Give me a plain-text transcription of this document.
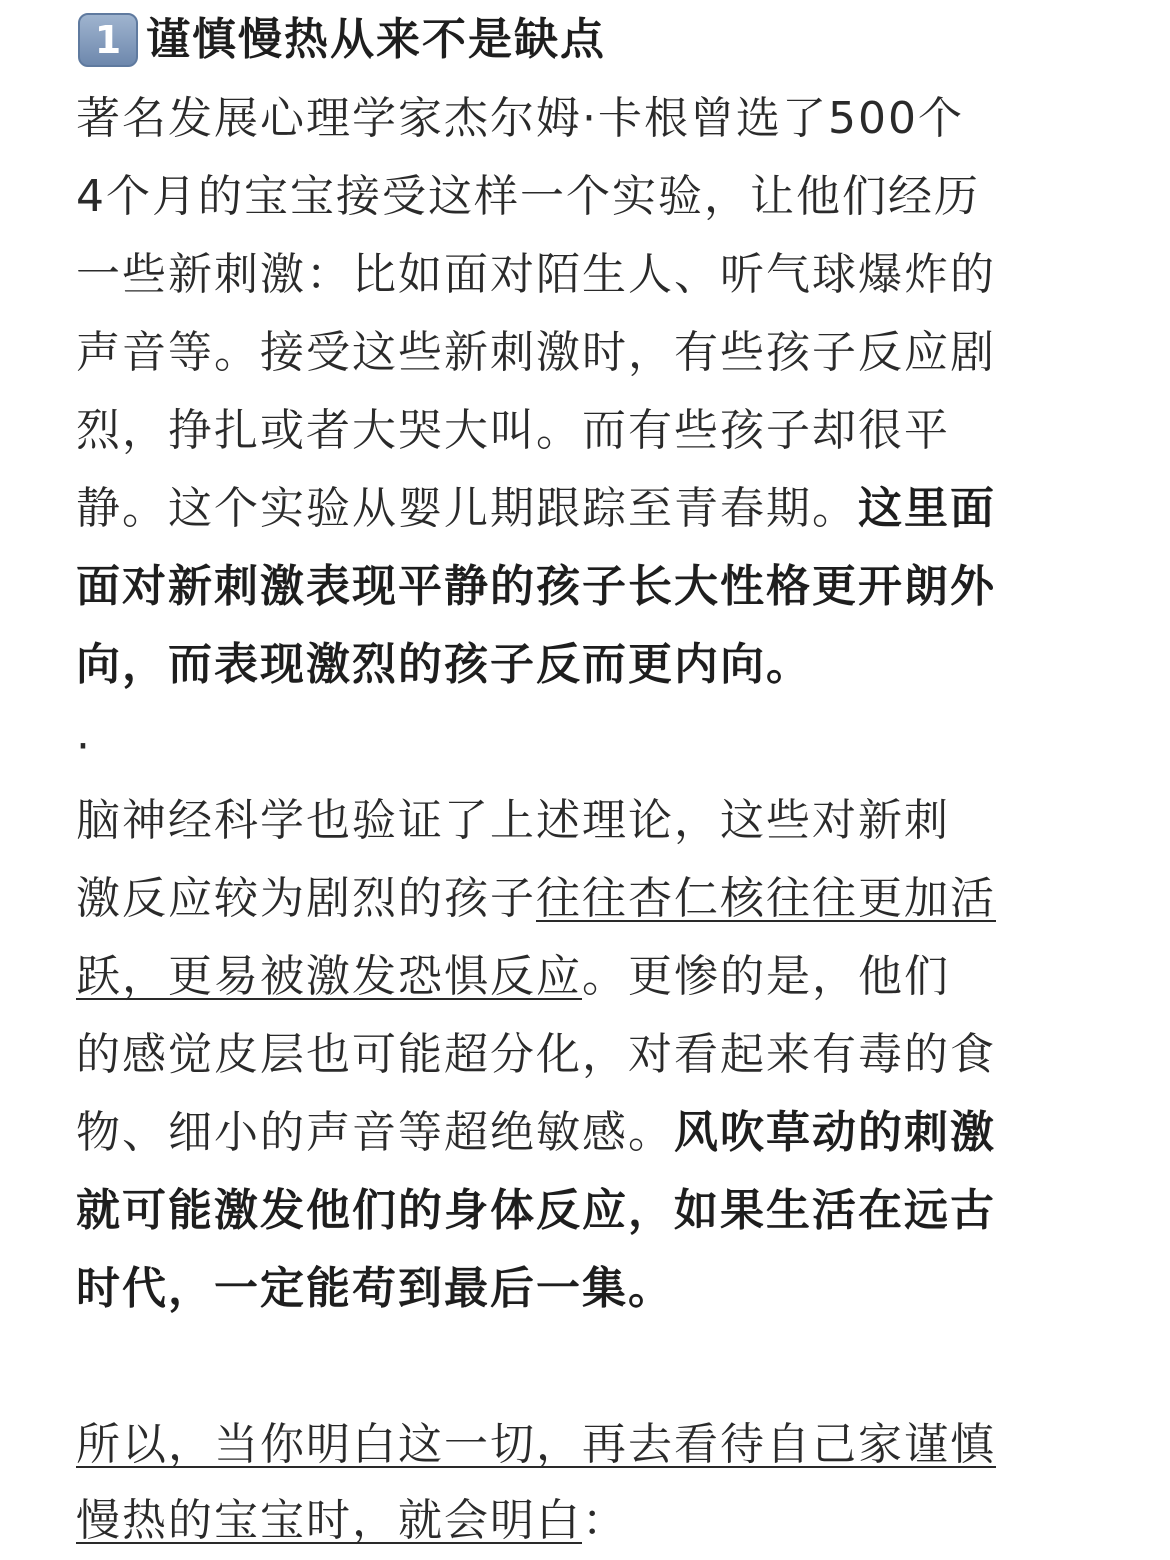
1 谨慎慢热从来不是缺点
著名发展心理学家杰尔姆·卡根曾选了500个
4个月的宝宝接受这样一个实验，让他们经历
一些新刺激：比如面对陌生人、听气球爆炸的
声音等。接受这些新刺激时，有些孩子反应剧
烈，挣扎或者大哭大叫。而有些孩子却很平
静。这个实验从婴儿期跟踪至青春期。这里面
面对新刺激表现平静的孩子长大性格更开朗外
向，而表现激烈的孩子反而更内向。
·
脑神经科学也验证了上述理论，这些对新刺
激反应较为剧烈的孩子往往杏仁核往往更加活
跃，更易被激发恐惧反应。更惨的是，他们
的感觉皮层也可能超分化，对看起来有毒的食
物、细小的声音等超绝敏感。风吹草动的刺激
就可能激发他们的身体反应，如果生活在远古
时代，一定能苟到最后一集。
所以，当你明白这一切，再去看待自己家谨慎
慢热的宝宝时，就会明白：
